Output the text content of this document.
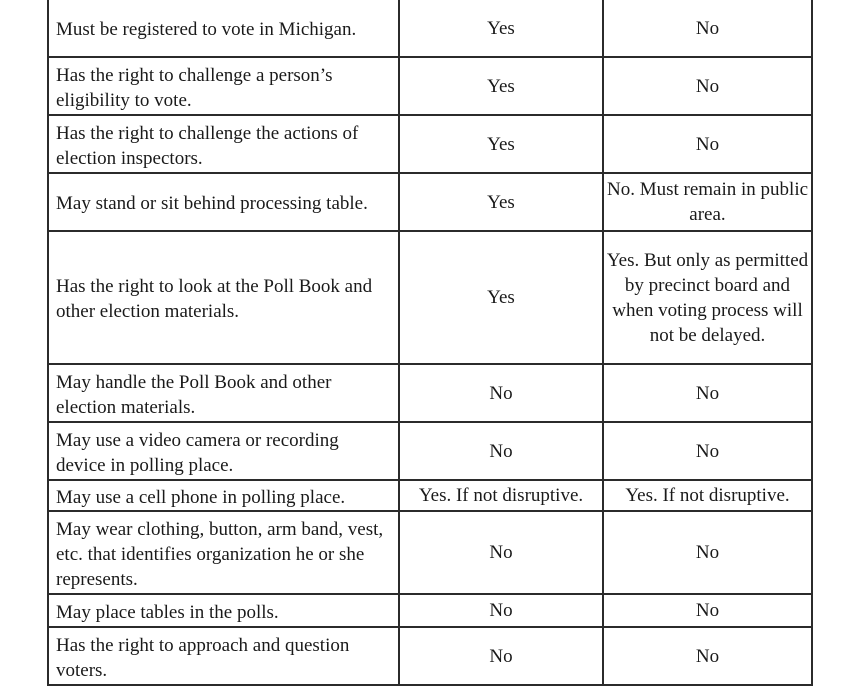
Must be registered to vote in Michigan.	Yes	No
Has the right to challenge a person’s eligibility to vote.	Yes	No
Has the right to challenge the actions of election inspectors.	Yes	No
May stand or sit behind processing table.	Yes	No. Must remain in public area.
Has the right to look at the Poll Book and other election materials.	Yes	Yes. But only as permitted by precinct board and when voting process will not be delayed.
May handle the Poll Book and other election materials.	No	No
May use a video camera or recording device in polling place.	No	No
May use a cell phone in polling place.	Yes. If not disruptive.	Yes. If not disruptive.
May wear clothing, button, arm band, vest, etc. that identifies organization he or she represents.	No	No
May place tables in the polls.	No	No
Has the right to approach and question voters.	No	No
